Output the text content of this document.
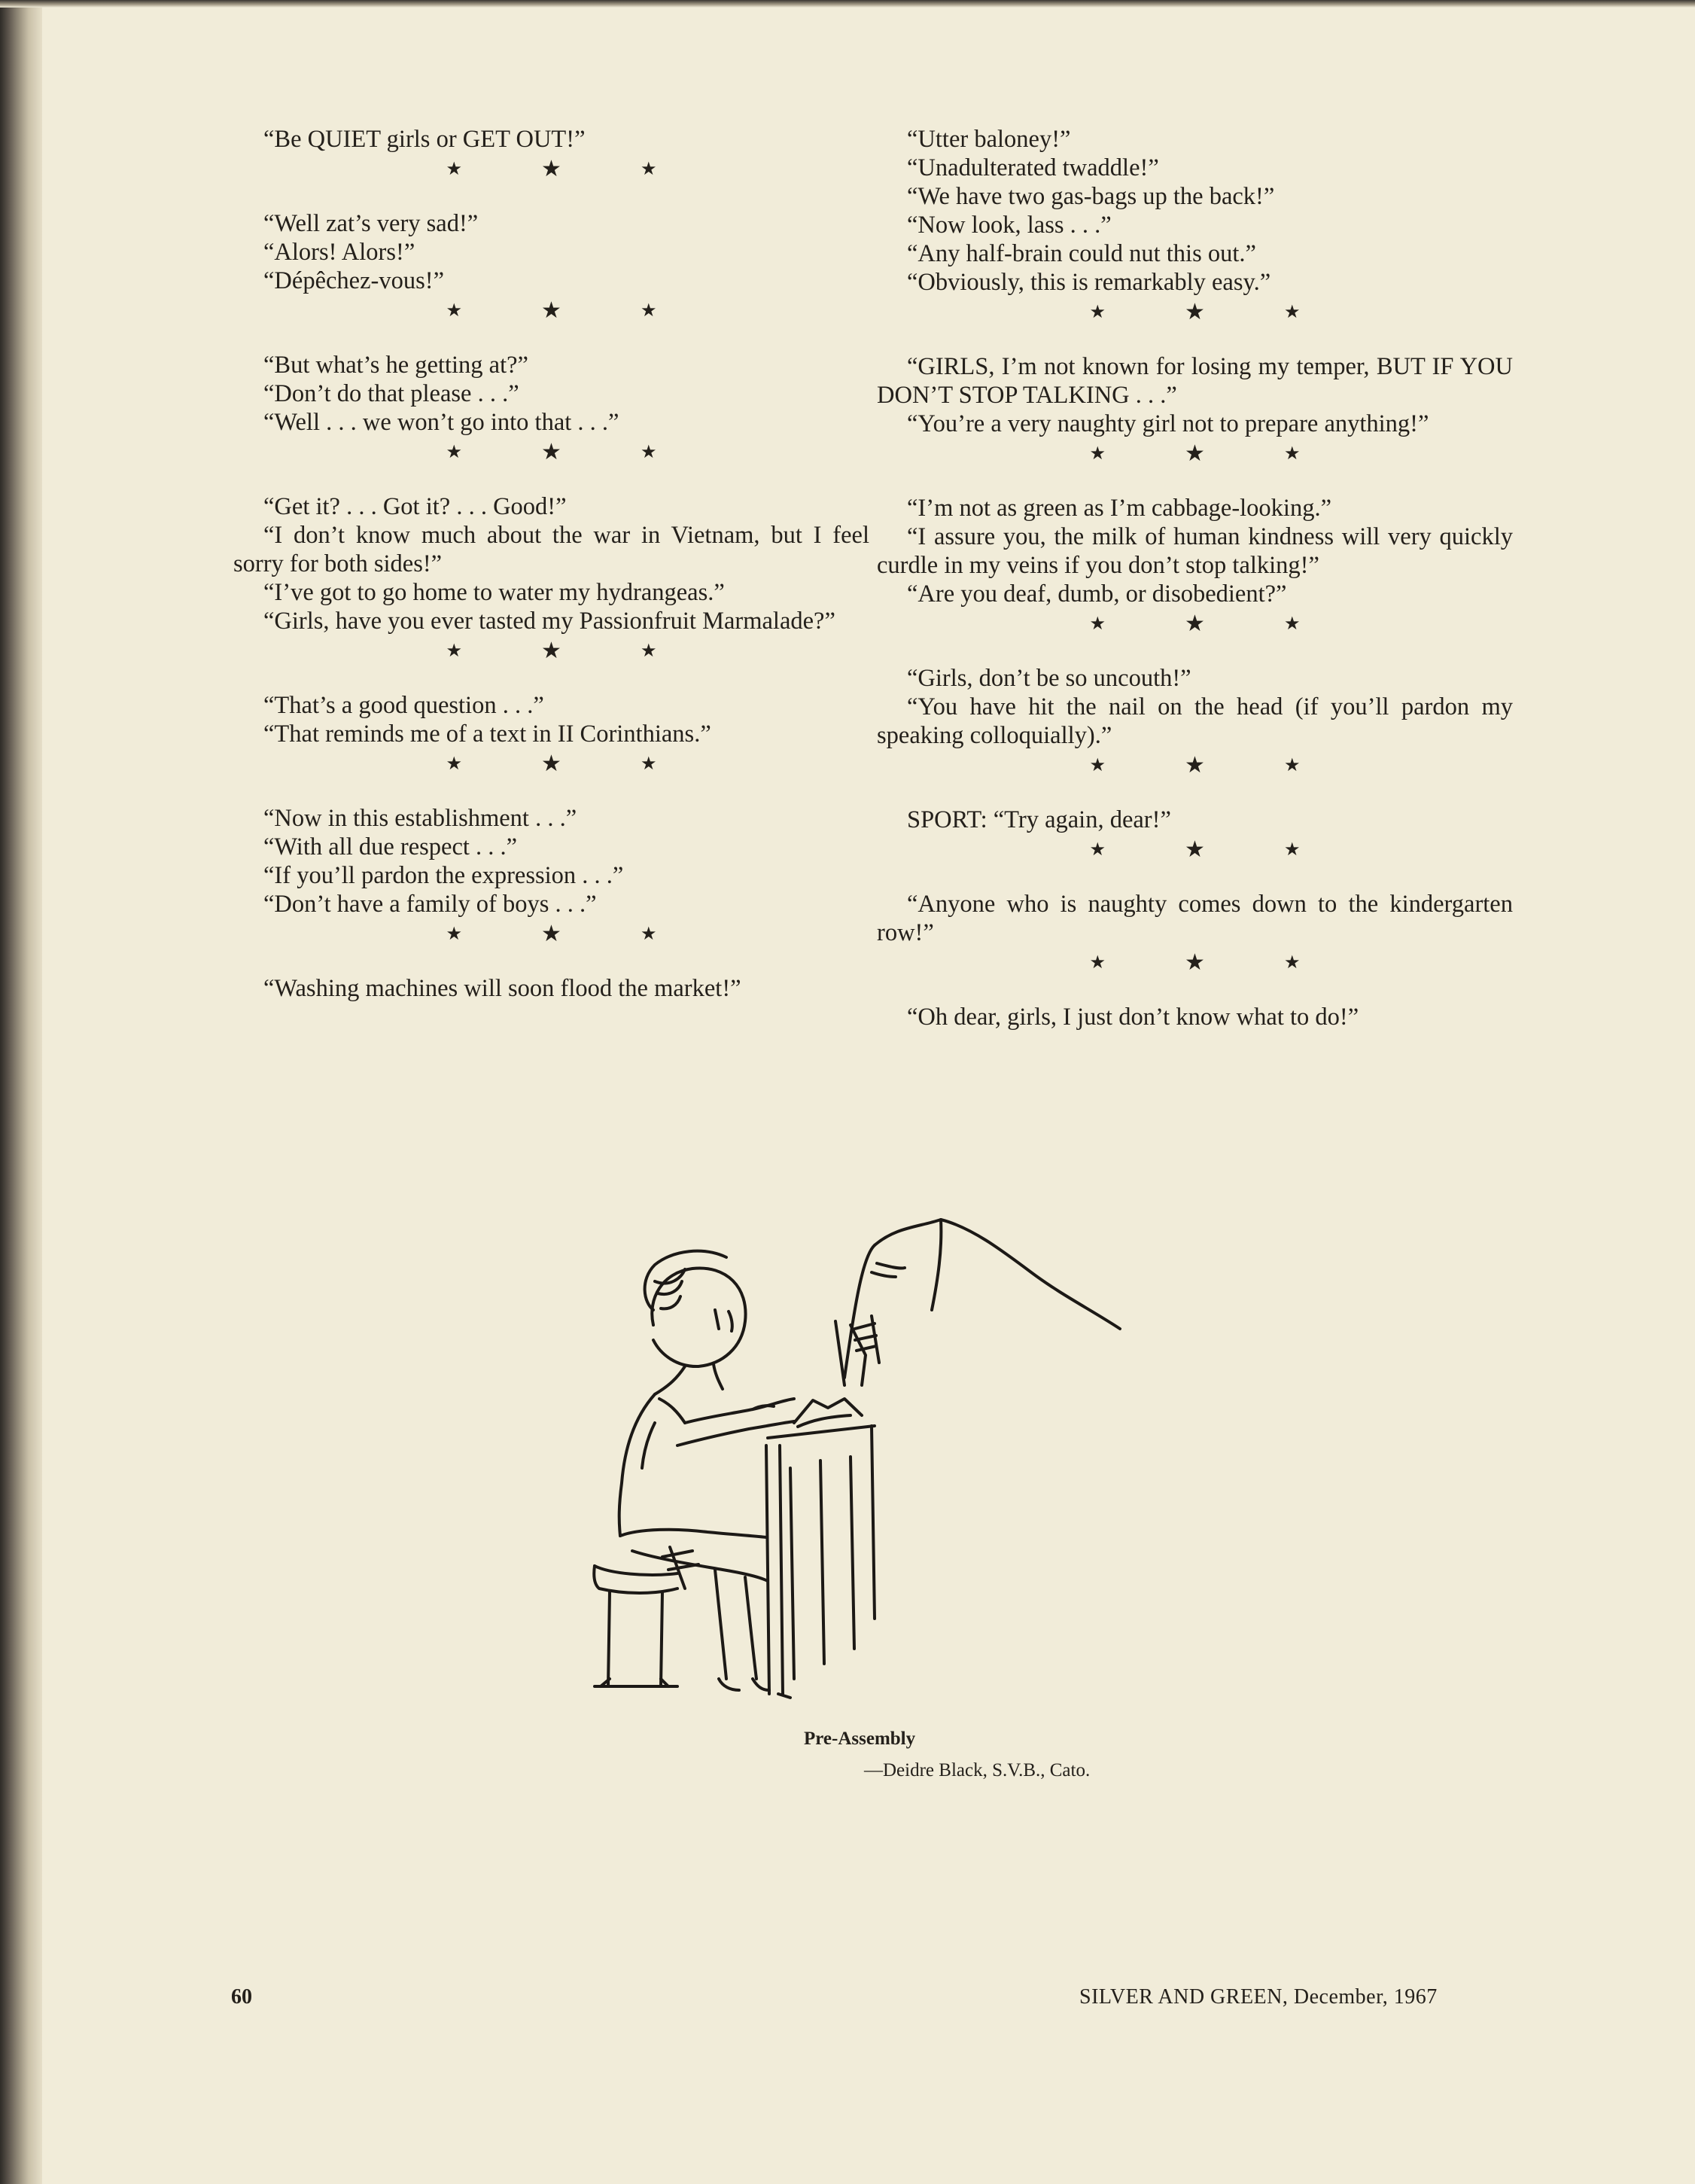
“Be QUIET girls or GET OUT!”
★	★	★
“Well zat’s very sad!”
“Alors! Alors!”
“Dépêchez-vous!”
★	★	★
“But what’s he getting at?”
“Don’t do that please . . .”
“Well . . . we won’t go into that . . .”
★	★	★
“Get it? . . . Got it? . . . Good!”
“I don’t know much about the war in Vietnam, but I feel sorry for both sides!”
“I’ve got to go home to water my hydrangeas.”
“Girls, have you ever tasted my Passionfruit Marmalade?”
★	★	★
“That’s a good question . . .”
“That reminds me of a text in II Corinthians.”
★	★	★
“Now in this establishment . . .”
“With all due respect . . .”
“If you’ll pardon the expression . . .”
“Don’t have a family of boys . . .”
★	★	★
“Washing machines will soon flood the market!”
“Utter baloney!”
“Unadulterated twaddle!”
“We have two gas-bags up the back!”
“Now look, lass . . .”
“Any half-brain could nut this out.”
“Obviously, this is remarkably easy.”
★	★	★
“GIRLS, I’m not known for losing my temper, BUT IF YOU DON’T STOP TALKING . . .”
“You’re a very naughty girl not to prepare anything!”
★	★	★
“I’m not as green as I’m cabbage-looking.”
“I assure you, the milk of human kindness will very quickly curdle in my veins if you don’t stop talking!”
“Are you deaf, dumb, or disobedient?”
★	★	★
“Girls, don’t be so uncouth!”
“You have hit the nail on the head (if you’ll pardon my speaking colloquially).”
★	★	★
SPORT: “Try again, dear!”
★	★	★
“Anyone who is naughty comes down to the kindergarten row!”
★	★	★
“Oh dear, girls, I just don’t know what to do!”
Pre-Assembly
—Deidre Black, S.V.B., Cato.
60	SILVER AND GREEN, December, 1967
